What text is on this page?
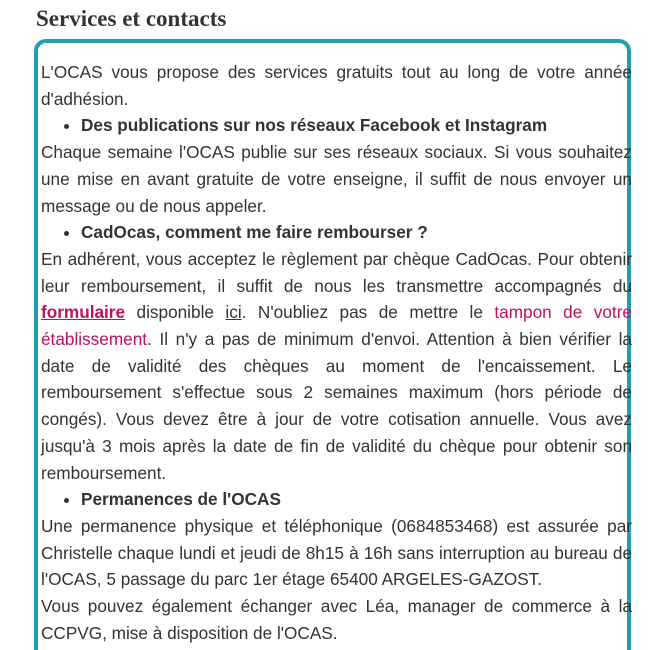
Services et contacts

L'OCAS vous propose des services gratuits tout au long de votre année d'adhésion.

• Des publications sur nos réseaux Facebook et Instagram

Chaque semaine l'OCAS publie sur ses réseaux sociaux. Si vous souhaitez une mise en avant gratuite de votre enseigne, il suffit de nous envoyer un message ou de nous appeler.

• CadOcas, comment me faire rembourser ?

En adhérent, vous acceptez le règlement par chèque CadOcas. Pour obtenir leur remboursement, il suffit de nous les transmettre accompagnés du formulaire disponible ici. N'oubliez pas de mettre le tampon de votre établissement. Il n'y a pas de minimum d'envoi. Attention à bien vérifier la date de validité des chèques au moment de l'encaissement. Le remboursement s'effectue sous 2 semaines maximum (hors période de congés). Vous devez être à jour de votre cotisation annuelle. Vous avez jusqu'à 3 mois après la date de fin de validité du chèque pour obtenir son remboursement.

• Permanences de l'OCAS

Une permanence physique et téléphonique (0684853468) est assurée par Christelle chaque lundi et jeudi de 8h15 à 16h sans interruption au bureau de l'OCAS, 5 passage du parc 1er étage 65400 ARGELES-GAZOST.

Vous pouvez également échanger avec Léa, manager de commerce à la CCPVG, mise à disposition de l'OCAS.
